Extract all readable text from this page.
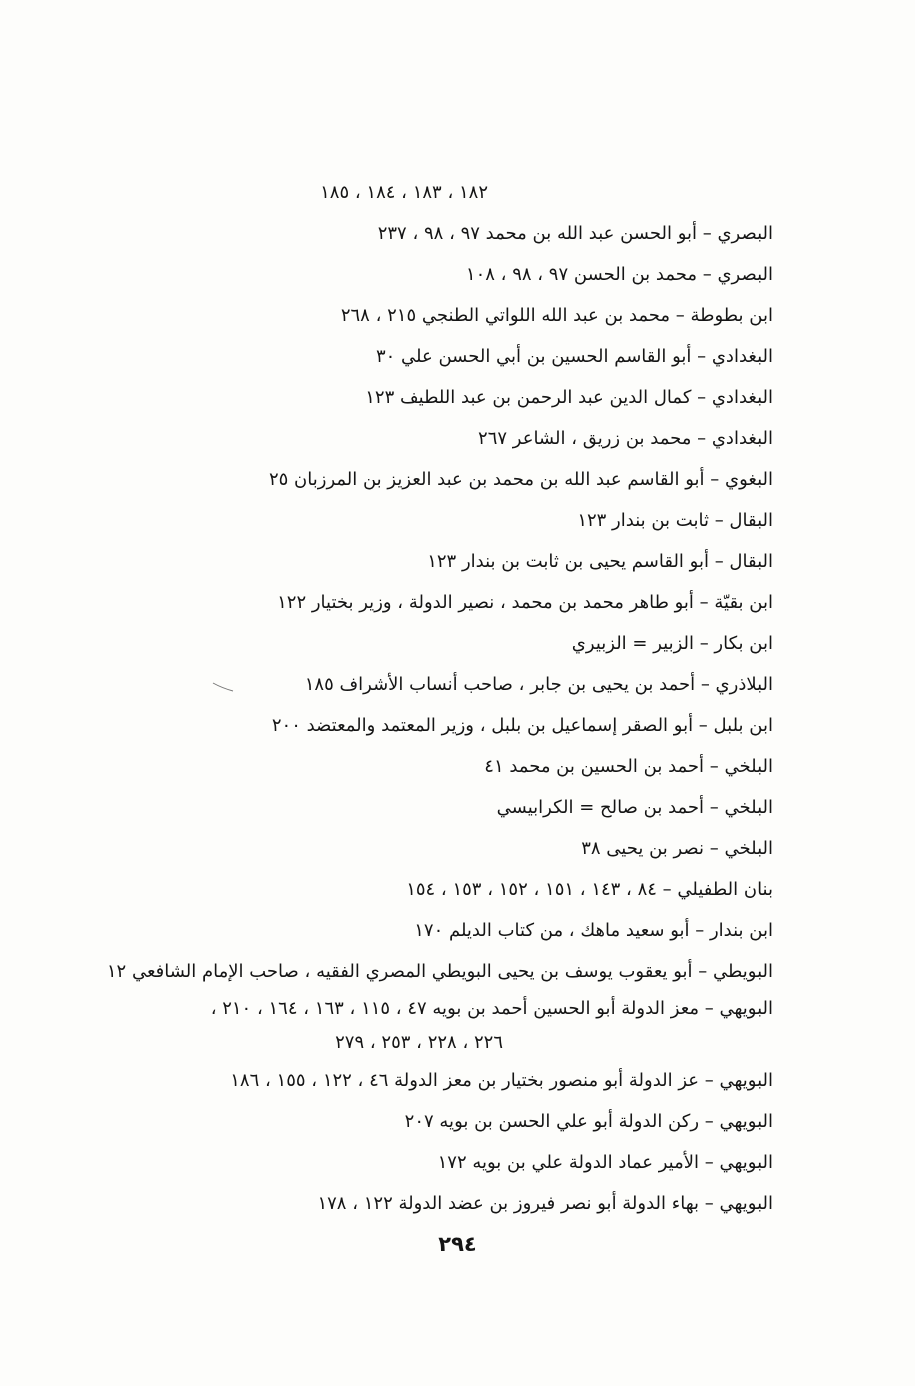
١٨٢ ، ١٨٣ ، ١٨٤ ، ١٨٥
البصري – أبو الحسن عبد الله بن محمد ٩٧ ، ٩٨ ، ٢٣٧
البصري – محمد بن الحسن ٩٧ ، ٩٨ ، ١٠٨
ابن بطوطة – محمد بن عبد الله اللواتي الطنجي ٢١٥ ، ٢٦٨
البغدادي – أبو القاسم الحسين بن أبي الحسن علي ٣٠
البغدادي – كمال الدين عبد الرحمن بن عبد اللطيف ١٢٣
البغدادي – محمد بن زريق ، الشاعر ٢٦٧
البغوي – أبو القاسم عبد الله بن محمد بن عبد العزيز بن المرزبان ٢٥
البقال – ثابت بن بندار ١٢٣
البقال – أبو القاسم يحيى بن ثابت بن بندار ١٢٣
ابن بقيّة – أبو طاهر محمد بن محمد ، نصير الدولة ، وزير بختيار ١٢٢
ابن بكار – الزبير = الزبيري
البلاذري – أحمد بن يحيى بن جابر ، صاحب أنساب الأشراف ١٨٥
ابن بلبل – أبو الصقر إسماعيل بن بلبل ، وزير المعتمد والمعتضد ٢٠٠
البلخي – أحمد بن الحسين بن محمد ٤١
البلخي – أحمد بن صالح = الكرابيسي
البلخي – نصر بن يحيى ٣٨
بنان الطفيلي – ٨٤ ، ١٤٣ ، ١٥١ ، ١٥٢ ، ١٥٣ ، ١٥٤
ابن بندار – أبو سعيد ماهك ، من كتاب الديلم ١٧٠
البويطي – أبو يعقوب يوسف بن يحيى البويطي المصري الفقيه ، صاحب الإمام الشافعي ١٢
البويهي – معز الدولة أبو الحسين أحمد بن بويه ٤٧ ، ١١٥ ، ١٦٣ ، ١٦٤ ، ٢١٠ ،
٢٢٦ ، ٢٢٨ ، ٢٥٣ ، ٢٧٩
البويهي – عز الدولة أبو منصور بختيار بن معز الدولة ٤٦ ، ١٢٢ ، ١٥٥ ، ١٨٦
البويهي – ركن الدولة أبو علي الحسن بن بويه ٢٠٧
البويهي – الأمير عماد الدولة علي بن بويه ١٧٢
البويهي – بهاء الدولة أبو نصر فيروز بن عضد الدولة ١٢٢ ، ١٧٨
٢٩٤
